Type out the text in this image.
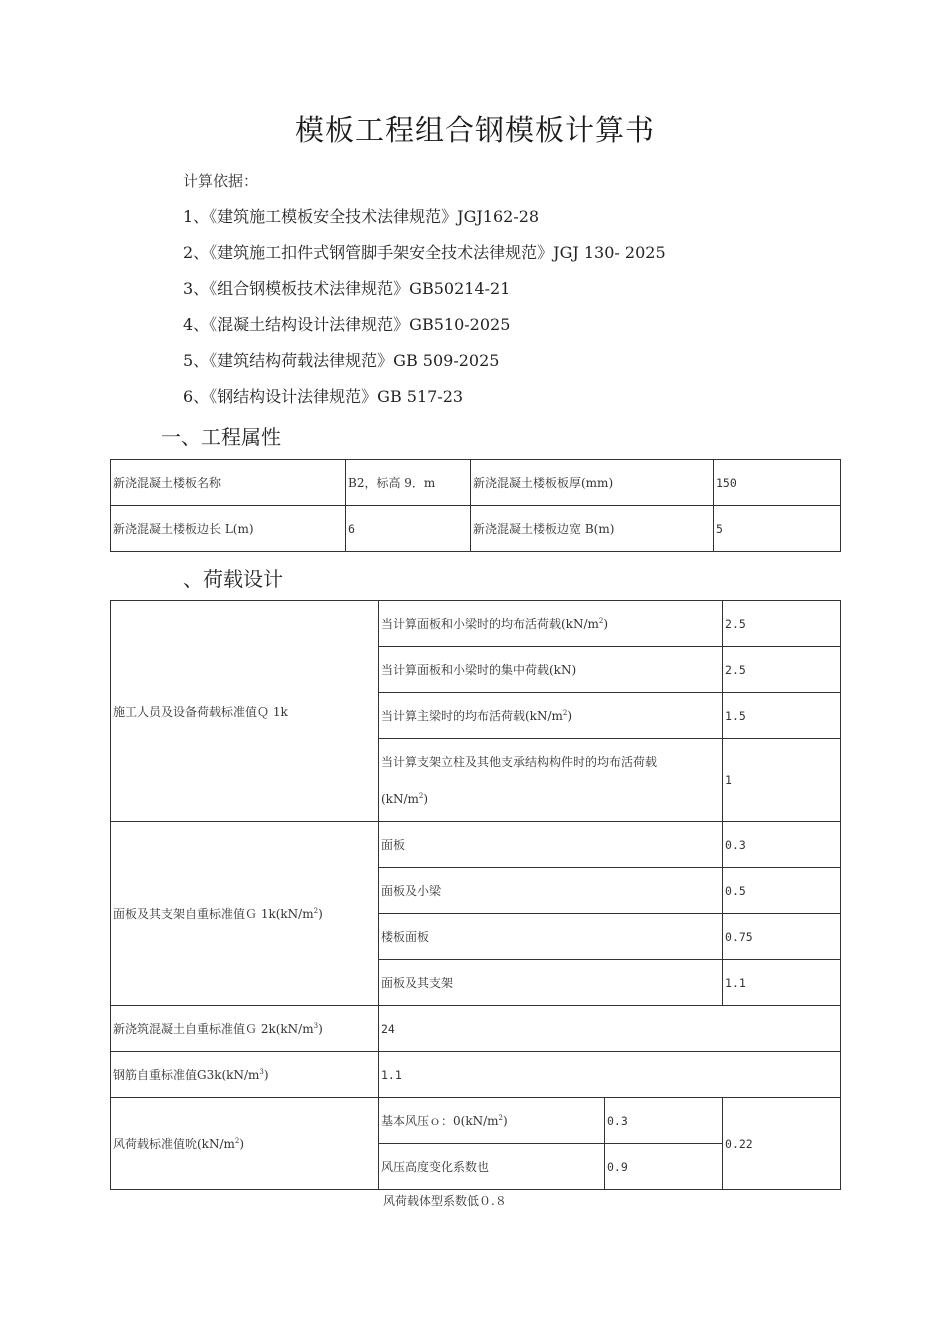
模板工程组合钢模板计算书
计算依据：
1、《建筑施工模板安全技术法律规范》JGJ162-28
2、《建筑施工扣件式钢管脚手架安全技术法律规范》JGJ 130- 2025
3、《组合钢模板技术法律规范》GB50214-21
4、《混凝土结构设计法律规范》GB510-2025
5、《建筑结构荷载法律规范》GB 509-2025
6、《钢结构设计法律规范》GB 517-23
一、工程属性
新浇混凝土楼板名称	B2，标高 9．m	新浇混凝土楼板板厚(mm)	150
新浇混凝土楼板边长 L(m)	6	新浇混凝土楼板边宽 B(m)	5
、荷载设计
施工人员及设备荷载标准值Ｑ 1k	当计算面板和小梁时的均布活荷载$(kN/m^2)$		2.5
	当计算面板和小梁时的集中荷载(kN)		2.5
	当计算主梁时的均布活荷载$(kN/m^2)$		1.5
	当计算支架立柱及其他支承结构构件时的均布活荷载
$(kN/m^2)$		1
面板及其支架自重标准值Ｇ $1k(kN/m^2)$	面板		0.3
	面板及小梁		0.5
	楼板面板		0.75
	面板及其支架		1.1
新浇筑混凝土自重标准值Ｇ $2k(kN/m^3)$	24		
钢筋自重标准值$G3k(kN/m^3)$	1.1		
风荷载标准值吮$(kN/m^2)$	基本风压ｏ：$0(kN/m^2)$	0.3	0.22
	风压高度变化系数也	0.9	
风荷载体型系数低０.８
